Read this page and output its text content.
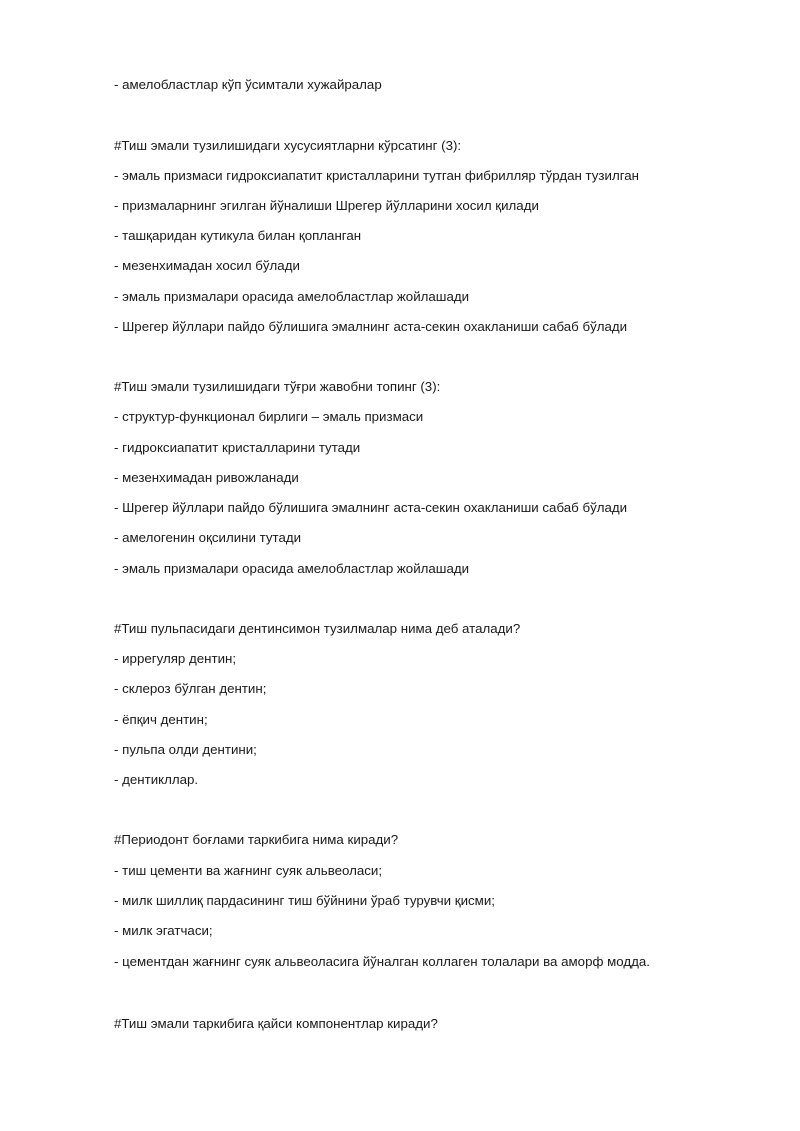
- амелобластлар кўп ўсимтали хужайралар
#Тиш эмали тузилишидаги хусусиятларни кўрсатинг (3):
- эмаль призмаси гидроксиапатит кристалларини тутган фибрилляр тўрдан тузилган
- призмаларнинг эгилган йўналиши Шрегер йўлларини хосил қилади
- ташқаридан кутикула билан қопланган
- мезенхимадан хосил бўлади
- эмаль призмалари орасида амелобластлар жойлашади
- Шрегер йўллари пайдо бўлишига эмалнинг аста-секин охакланиши сабаб бўлади
#Тиш эмали тузилишидаги тўғри жавобни топинг (3):
- структур-функционал бирлиги – эмаль призмаси
- гидроксиапатит кристалларини тутади
- мезенхимадан ривожланади
- Шрегер йўллари пайдо бўлишига эмалнинг аста-секин охакланиши сабаб бўлади
- амелогенин оқсилини тутади
- эмаль призмалари орасида амелобластлар жойлашади
#Тиш пульпасидаги дентинсимон тузилмалар нима деб аталади?
- иррегуляр дентин;
- склероз бўлган дентин;
- ёпқич дентин;
- пульпа олди дентини;
- дентикллар.
#Периодонт боғлами таркибига нима киради?
- тиш цементи ва жағнинг суяк альвеоласи;
- милк шиллиқ пардасининг тиш бўйнини ўраб турувчи қисми;
- милк эгатчаси;
- цементдан жағнинг суяк альвеоласига йўналган коллаген толалари ва аморф модда.
#Тиш эмали таркибига қайси компонентлар киради?
